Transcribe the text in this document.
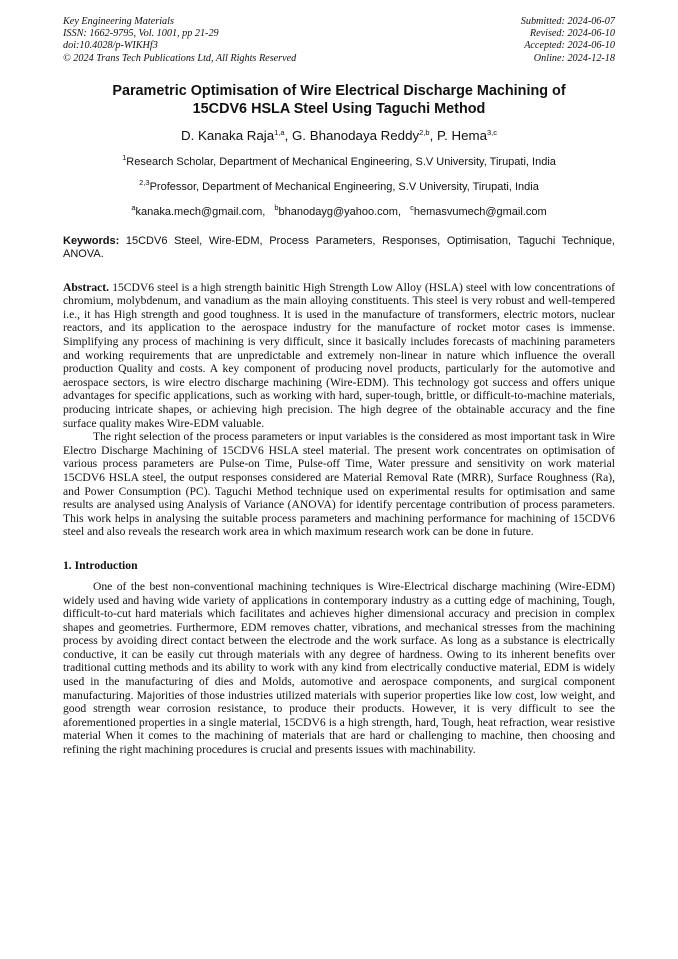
Key Engineering Materials
ISSN: 1662-9795, Vol. 1001, pp 21-29
doi:10.4028/p-WIKHf3
© 2024 Trans Tech Publications Ltd, All Rights Reserved
Submitted: 2024-06-07
Revised: 2024-06-10
Accepted: 2024-06-10
Online: 2024-12-18
Parametric Optimisation of Wire Electrical Discharge Machining of
15CDV6 HSLA Steel Using Taguchi Method
D. Kanaka Raja$^{1,a}$, G. Bhanodaya Reddy$^{2,b}$, P. Hema$^{3,c}$
$^1$Research Scholar, Department of Mechanical Engineering, S.V University, Tirupati, India
$^{2,3}$Professor, Department of Mechanical Engineering, S.V University, Tirupati, India
$^a$kanaka.mech@gmail.com, $^b$bhanodayg@yahoo.com, $^c$hemasvumech@gmail.com
Keywords: 15CDV6 Steel, Wire-EDM, Process Parameters, Responses, Optimisation, Taguchi Technique, ANOVA.

Abstract. 15CDV6 steel is a high strength bainitic High Strength Low Alloy (HSLA) steel with low concentrations of chromium, molybdenum, and vanadium as the main alloying constituents. This steel is very robust and well-tempered i.e., it has High strength and good toughness. It is used in the manufacture of transformers, electric motors, nuclear reactors, and its application to the aerospace industry for the manufacture of rocket motor cases is immense. Simplifying any process of machining is very difficult, since it basically includes forecasts of machining parameters and working requirements that are unpredictable and extremely non-linear in nature which influence the overall production Quality and costs. A key component of producing novel products, particularly for the automotive and aerospace sectors, is wire electro discharge machining (Wire-EDM). This technology got success and offers unique advantages for specific applications, such as working with hard, super-tough, brittle, or difficult-to-machine materials, producing intricate shapes, or achieving high precision. The high degree of the obtainable accuracy and the fine surface quality makes Wire-EDM valuable.

The right selection of the process parameters or input variables is the considered as most important task in Wire Electro Discharge Machining of 15CDV6 HSLA steel material. The present work concentrates on optimisation of various process parameters are Pulse-on Time, Pulse-off Time, Water pressure and sensitivity on work material 15CDV6 HSLA steel, the output responses considered are Material Removal Rate (MRR), Surface Roughness (Ra), and Power Consumption (PC). Taguchi Method technique used on experimental results for optimisation and same results are analysed using Analysis of Variance (ANOVA) for identify percentage contribution of process parameters. This work helps in analysing the suitable process parameters and machining performance for machining of 15CDV6 steel and also reveals the research work area in which maximum research work can be done in future.

1. Introduction

One of the best non-conventional machining techniques is Wire-Electrical discharge machining (Wire-EDM) widely used and having wide variety of applications in contemporary industry as a cutting edge of machining, Tough, difficult-to-cut hard materials which facilitates and achieves higher dimensional accuracy and precision in complex shapes and geometries. Furthermore, EDM removes chatter, vibrations, and mechanical stresses from the machining process by avoiding direct contact between the electrode and the work surface. As long as a substance is electrically conductive, it can be easily cut through materials with any degree of hardness. Owing to its inherent benefits over traditional cutting methods and its ability to work with any kind from electrically conductive material, EDM is widely used in the manufacturing of dies and Molds, automotive and aerospace components, and surgical component manufacturing. Majorities of those industries utilized materials with superior properties like low cost, low weight, and good strength wear corrosion resistance, to produce their products. However, it is very difficult to see the aforementioned properties in a single material, 15CDV6 is a high strength, hard, Tough, heat refraction, wear resistive material When it comes to the machining of materials that are hard or challenging to machine, then choosing and refining the right machining procedures is crucial and presents issues with machinability.
